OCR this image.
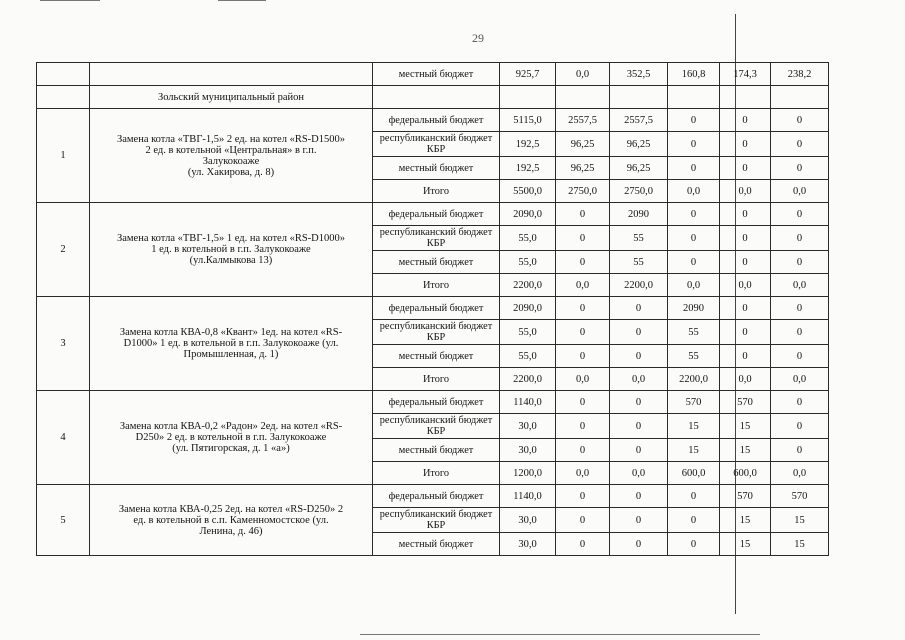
29
		местный бюджет	925,7	0,0	352,5	160,8	174,3	238,2
	Зольский муниципальный район							
1	Замена котла «ТВГ-1,5» 2 ед. на котел «RS-D1500»
2 ед. в котельной «Центральная» в г.п.
Залукокоаже
(ул. Хакирова, д. 8)	федеральный бюджет	5115,0	2557,5	2557,5	0	0	0
		республиканский бюджет КБР	192,5	96,25	96,25	0	0	0
		местный бюджет	192,5	96,25	96,25	0	0	0
		Итого	5500,0	2750,0	2750,0	0,0	0,0	0,0
2	Замена котла «ТВГ-1,5» 1 ед. на котел «RS-D1000»
1 ед. в котельной в г.п. Залукокоаже
(ул.Калмыкова 13)	федеральный бюджет	2090,0	0	2090	0	0	0
		республиканский бюджет КБР	55,0	0	55	0	0	0
		местный бюджет	55,0	0	55	0	0	0
		Итого	2200,0	0,0	2200,0	0,0	0,0	0,0
3	Замена котла КВА-0,8 «Квант» 1ед. на котел «RS-
D1000» 1 ед. в котельной в г.п. Залукокоаже (ул.
Промышленная, д. 1)	федеральный бюджет	2090,0	0	0	2090	0	0
		республиканский бюджет КБР	55,0	0	0	55	0	0
		местный бюджет	55,0	0	0	55	0	0
		Итого	2200,0	0,0	0,0	2200,0	0,0	0,0
4	Замена котла КВА-0,2 «Радон» 2ед. на котел «RS-
D250» 2 ед. в котельной в г.п. Залукокоаже
(ул. Пятигорская, д. 1 «а»)	федеральный бюджет	1140,0	0	0	570	570	0
		республиканский бюджет КБР	30,0	0	0	15	15	0
		местный бюджет	30,0	0	0	15	15	0
		Итого	1200,0	0,0	0,0	600,0	600,0	0,0
5	Замена котла КВА-0,25 2ед. на котел «RS-D250» 2
ед. в котельной в с.п. Каменномостское (ул.
Ленина, д. 46)	федеральный бюджет	1140,0	0	0	0	570	570
		республиканский бюджет КБР	30,0	0	0	0	15	15
		местный бюджет	30,0	0	0	0	15	15
